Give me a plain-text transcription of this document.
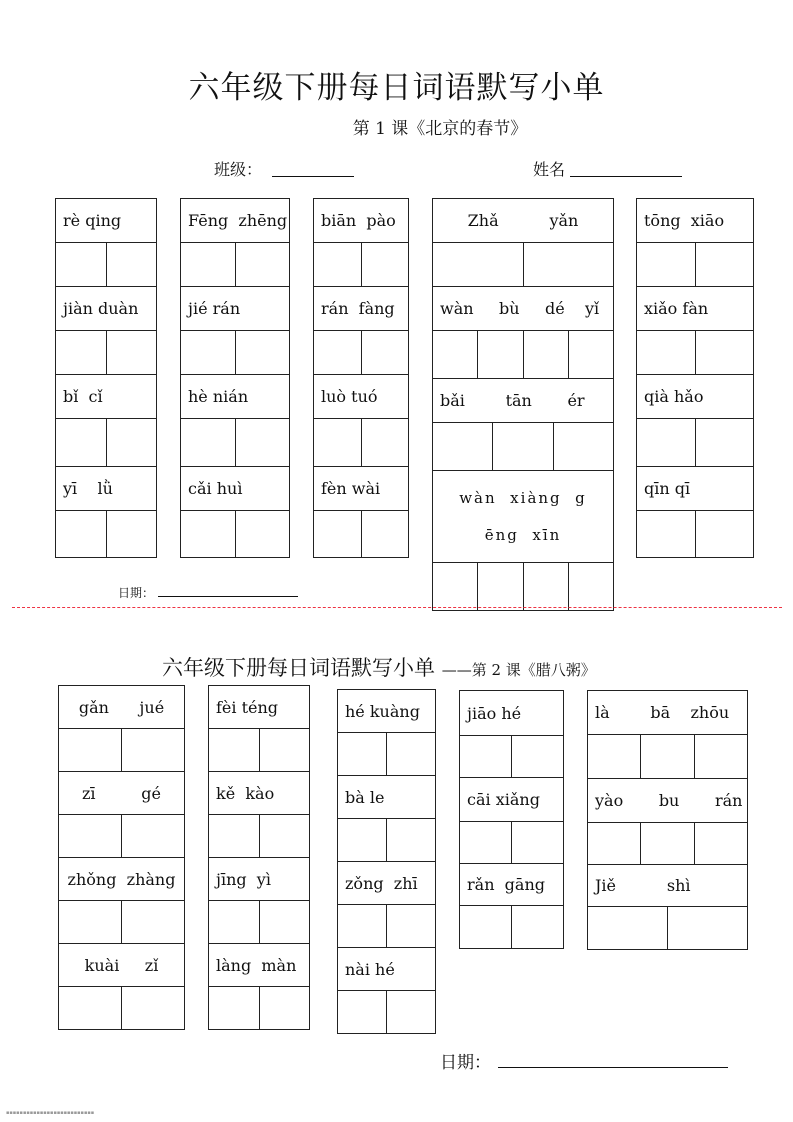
六年级下册每日词语默写小单
第 1 课《北京的春节》
班级：	姓名
rè qing
jiàn duàn
bǐ  cǐ
yī    lǜ
Fēng  zhēng
jié rán
hè nián
cǎi huì
biān  pào
rán  fàng
luò tuó
fèn wài
Zhǎ          yǎn
wàn     bù     dé    yǐ
bǎi        tān       ér
wàn  xiàng  g
ēng  xīn
tōng  xiāo
xiǎo fàn
qià hǎo
qīn qī
日期：
六年级下册每日词语默写小单 ——第 2 课《腊八粥》
gǎn      jué
zī         gé
zhǒng  zhàng
kuài     zǐ
fèi téng
kě  kào
jīng  yì
làng  màn
hé kuàng
bà le
zǒng  zhī
nài hé
jiāo hé
cāi xiǎng
rǎn  gāng
là        bā    zhōu
yào       bu       rán
Jiě          shì
日期：
▪▪▪▪▪▪▪▪▪▪▪▪▪▪▪▪▪▪▪▪▪▪▪▪▪▪
